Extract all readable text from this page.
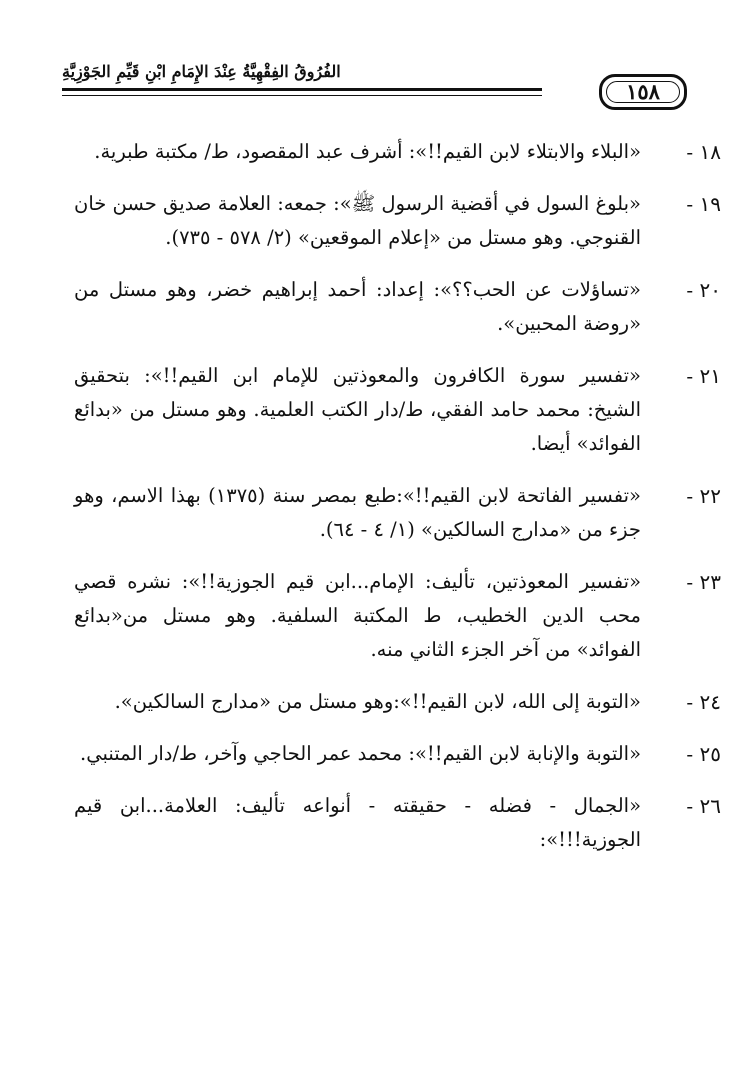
الفُرُوقُ الفِقْهِيَّةُ عِنْدَ الإِمَامِ ابْنِ قَيِّمِ الجَوْزِيَّةِ
١٥٨
١٨ -
«البلاء والابتلاء لابن القيم!!»: أشرف عبد المقصود، ط/ مكتبة طبرية.
١٩ -
«بلوغ السول في أقضية الرسول ﷺ»: جمعه: العلامة صديق حسن خان القنوجي. وهو مستل من «إعلام الموقعين» (٢/ ٥٧٨ - ٧٣٥).
٢٠ -
«تساؤلات عن الحب؟؟»: إعداد: أحمد إبراهيم خضر، وهو مستل من «روضة المحبين».
٢١ -
«تفسير سورة الكافرون والمعوذتين للإمام ابن القيم!!»: بتحقيق الشيخ: محمد حامد الفقي، ط/دار الكتب العلمية. وهو مستل من «بدائع الفوائد» أيضا.
٢٢ -
«تفسير الفاتحة لابن القيم!!»:طبع بمصر سنة (١٣٧٥) بهذا الاسم، وهو جزء من «مدارج السالكين» (١/ ٤ - ٦٤).
٢٣ -
«تفسير المعوذتين، تأليف: الإمام...ابن قيم الجوزية!!»: نشره قصي محب الدين الخطيب، ط المكتبة السلفية. وهو مستل من«بدائع الفوائد» من آخر الجزء الثاني منه.
٢٤ -
«التوبة إلى الله، لابن القيم!!»:وهو مستل من «مدارج السالكين».
٢٥ -
«التوبة والإنابة لابن القيم!!»: محمد عمر الحاجي وآخر، ط/دار المتنبي.
٢٦ -
«الجمال - فضله - حقيقته - أنواعه تأليف: العلامة...ابن قيم الجوزية!!!»:
